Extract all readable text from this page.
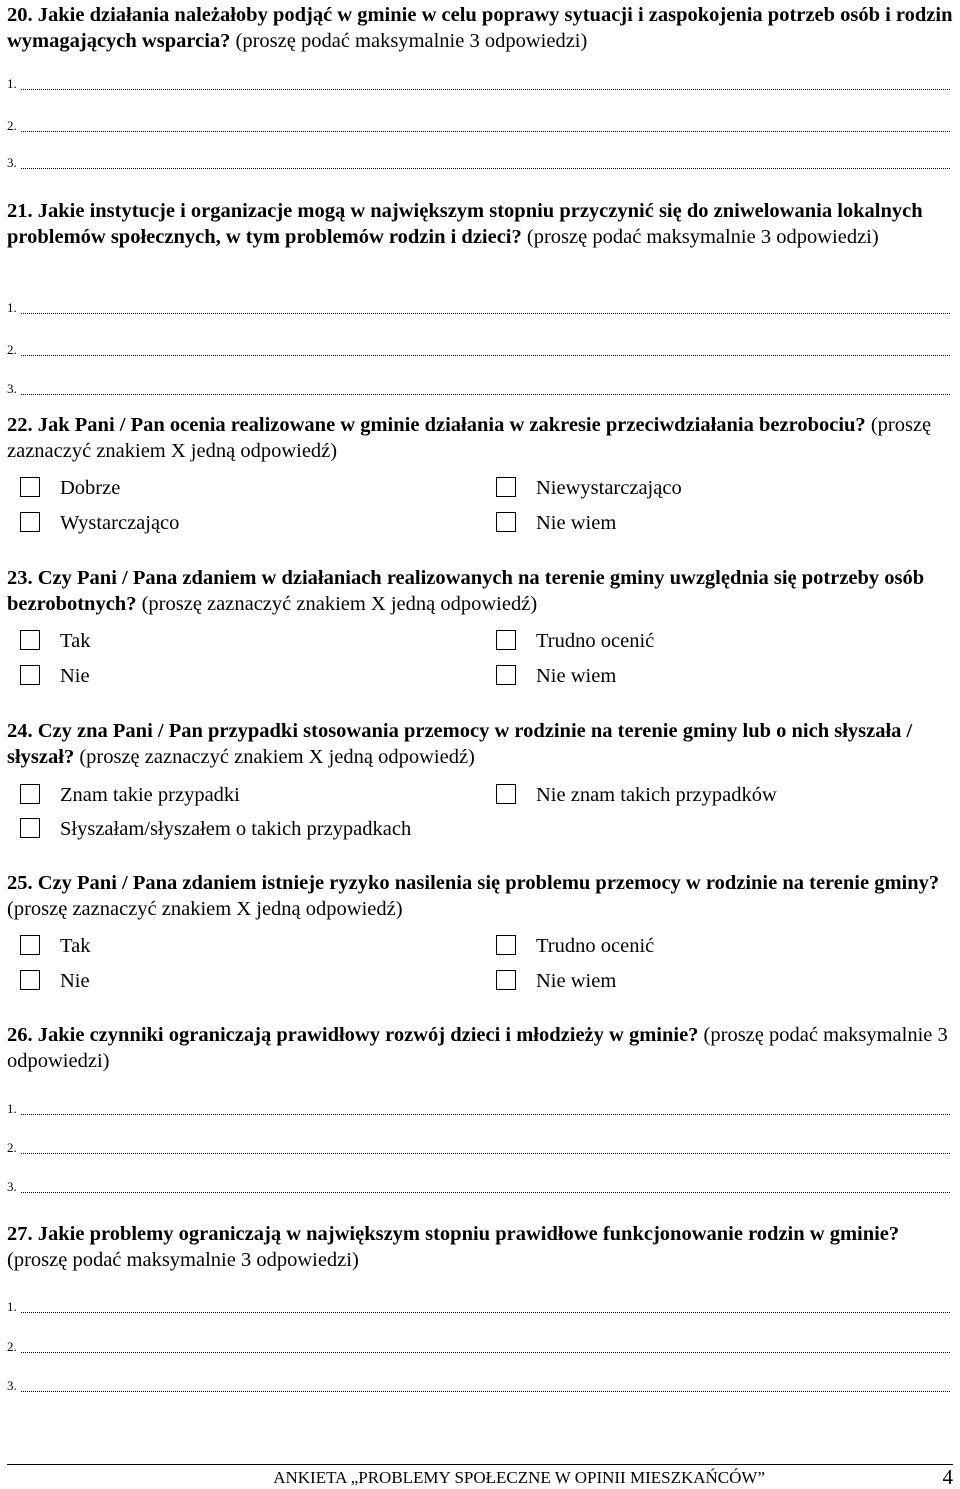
20. Jakie działania należałoby podjąć w gminie w celu poprawy sytuacji i zaspokojenia potrzeb osób i rodzin wymagających wsparcia? (proszę podać maksymalnie 3 odpowiedzi)
1.
2.
3.
21. Jakie instytucje i organizacje mogą w największym stopniu przyczynić się do zniwelowania lokalnych problemów społecznych, w tym problemów rodzin i dzieci? (proszę podać maksymalnie 3 odpowiedzi)
1.
2.
3.
22. Jak Pani / Pan ocenia realizowane w gminie działania w zakresie przeciwdziałania bezrobociu? (proszę zaznaczyć znakiem X jedną odpowiedź)
Dobrze	Niewystarczająco
Wystarczająco	Nie wiem
23. Czy Pani / Pana zdaniem w działaniach realizowanych na terenie gminy uwzględnia się potrzeby osób bezrobotnych? (proszę zaznaczyć znakiem X jedną odpowiedź)
Tak	Trudno ocenić
Nie	Nie wiem
24. Czy zna Pani / Pan przypadki stosowania przemocy w rodzinie na terenie gminy lub o nich słyszała / słyszał? (proszę zaznaczyć znakiem X jedną odpowiedź)
Znam takie przypadki	Nie znam takich przypadków
Słyszałam/słyszałem o takich przypadkach
25. Czy Pani / Pana zdaniem istnieje ryzyko nasilenia się problemu przemocy w rodzinie na terenie gminy? (proszę zaznaczyć znakiem X jedną odpowiedź)
Tak	Trudno ocenić
Nie	Nie wiem
26. Jakie czynniki ograniczają prawidłowy rozwój dzieci i młodzieży w gminie? (proszę podać maksymalnie 3 odpowiedzi)
1.
2.
3.
27. Jakie problemy ograniczają w największym stopniu prawidłowe funkcjonowanie rodzin w gminie? (proszę podać maksymalnie 3 odpowiedzi)
1.
2.
3.
ANKIETA „PROBLEMY SPOŁECZNE W OPINII MIESZKAŃCÓW”	4
